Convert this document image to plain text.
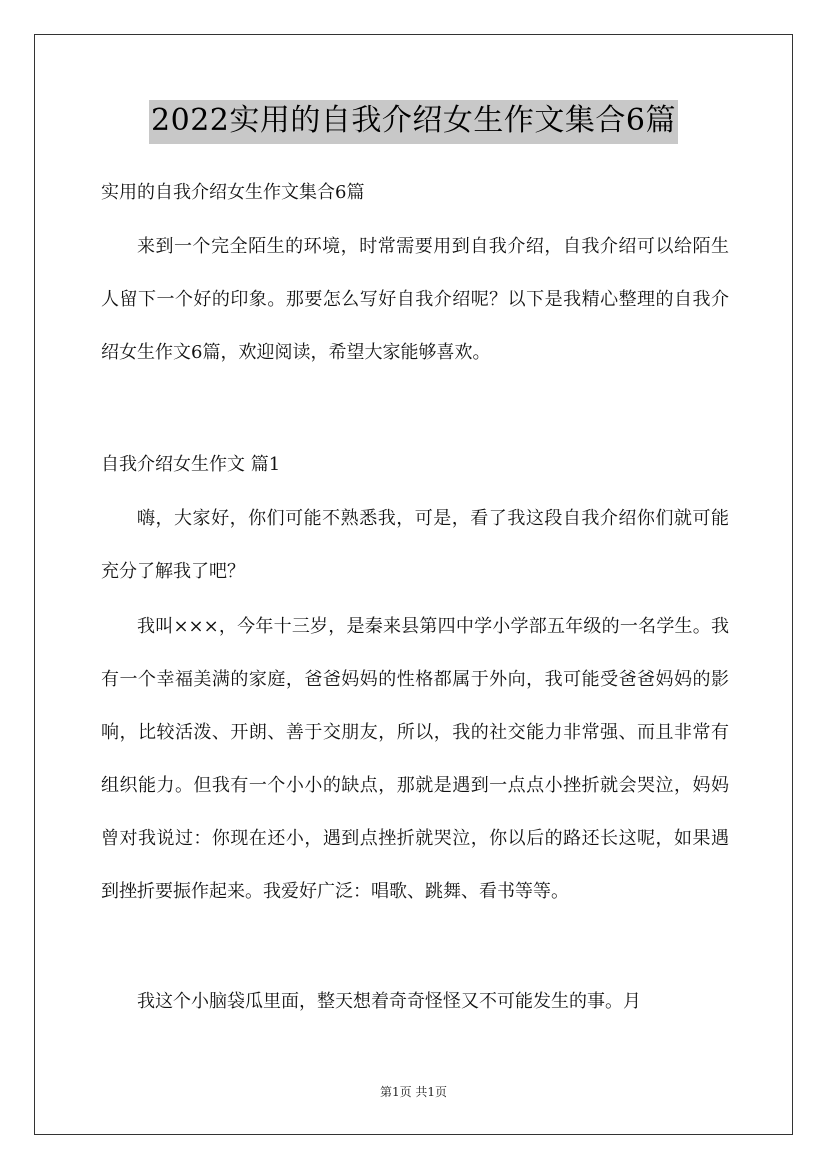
2022实用的自我介绍女生作文集合6篇
实用的自我介绍女生作文集合6篇
来到一个完全陌生的环境，时常需要用到自我介绍，自我介绍可以给陌生人留下一个好的印象。那要怎么写好自我介绍呢？以下是我精心整理的自我介绍女生作文6篇，欢迎阅读，希望大家能够喜欢。
自我介绍女生作文 篇1
嗨，大家好，你们可能不熟悉我，可是，看了我这段自我介绍你们就可能充分了解我了吧？
我叫×××，今年十三岁，是秦来县第四中学小学部五年级的一名学生。我有一个幸福美满的家庭，爸爸妈妈的性格都属于外向，我可能受爸爸妈妈的影响，比较活泼、开朗、善于交朋友，所以，我的社交能力非常强、而且非常有组织能力。但我有一个小小的缺点，那就是遇到一点点小挫折就会哭泣，妈妈曾对我说过：你现在还小，遇到点挫折就哭泣，你以后的路还长这呢，如果遇到挫折要振作起来。我爱好广泛：唱歌、跳舞、看书等等。
我这个小脑袋瓜里面，整天想着奇奇怪怪又不可能发生的事。月
第1页 共1页
